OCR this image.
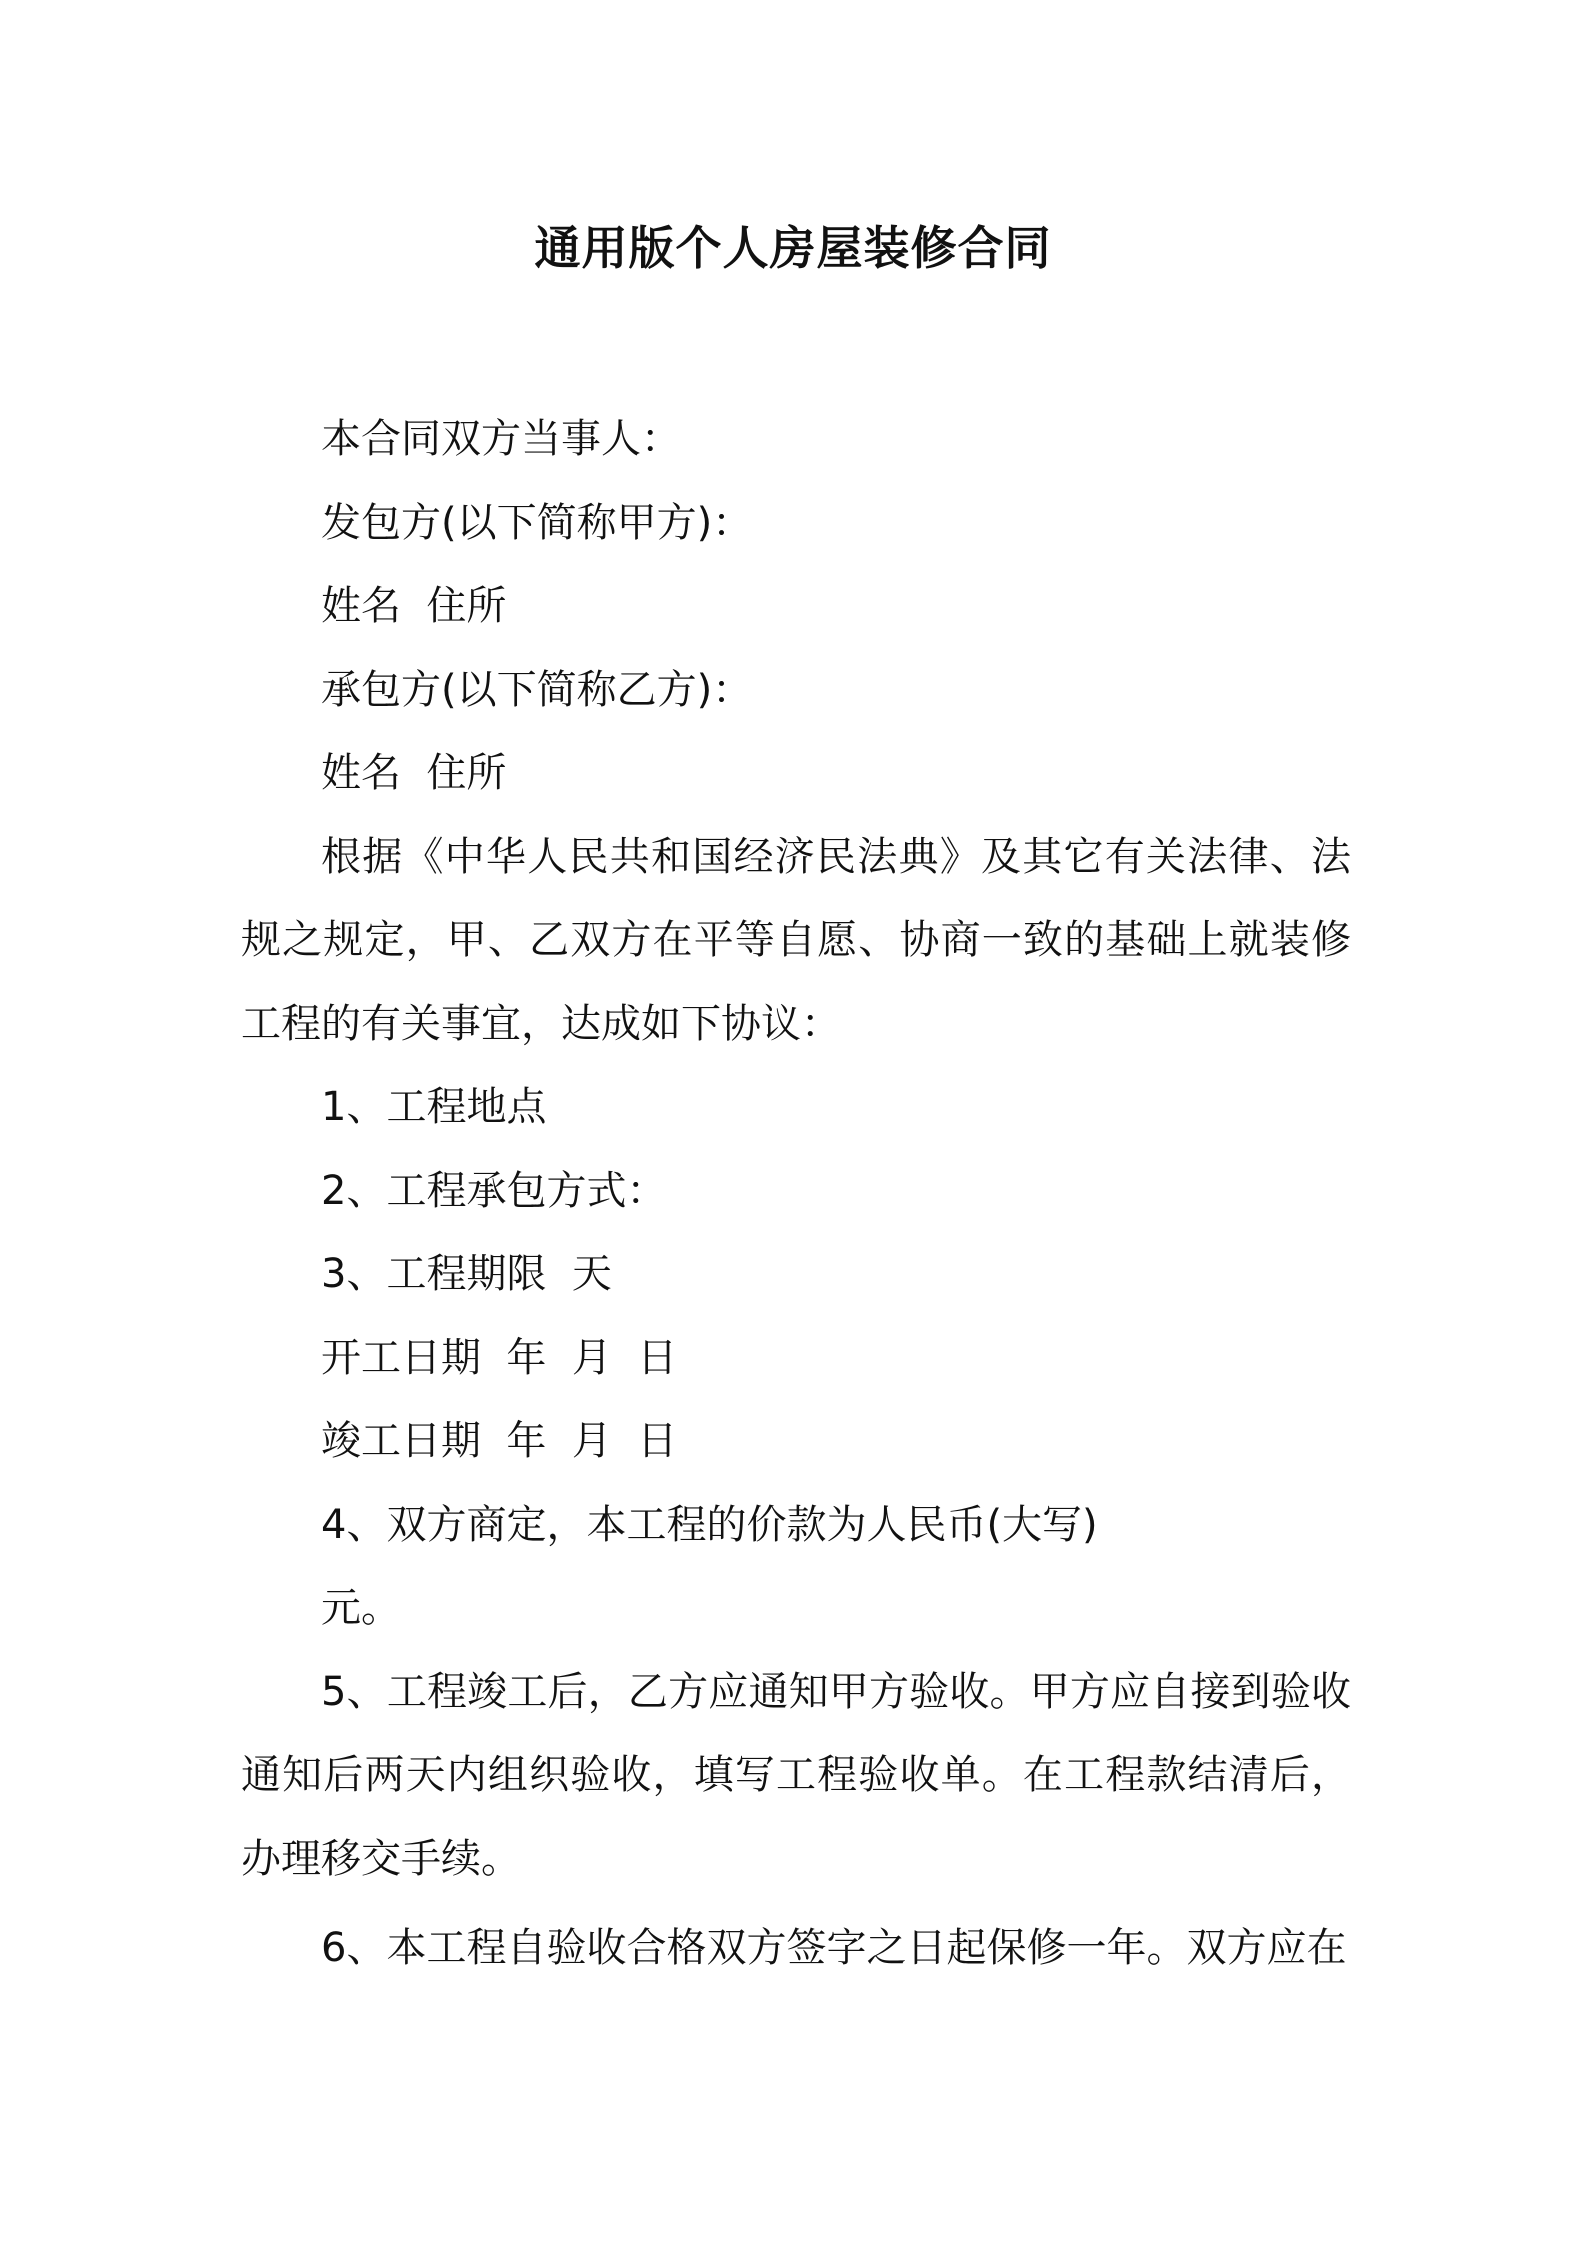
通用版个人房屋装修合同

本合同双方当事人：

发包方(以下简称甲方)：

姓名  住所

承包方(以下简称乙方)：

姓名  住所

根据《中华人民共和国经济民法典》及其它有关法律、法规之规定，甲、乙双方在平等自愿、协商一致的基础上就装修工程的有关事宜，达成如下协议：

1、工程地点

2、工程承包方式：

3、工程期限  天

开工日期  年  月  日

竣工日期  年  月  日

4、双方商定，本工程的价款为人民币(大写)

元。

5、工程竣工后，乙方应通知甲方验收。甲方应自接到验收通知后两天内组织验收，填写工程验收单。在工程款结清后，办理移交手续。

6、本工程自验收合格双方签字之日起保修一年。双方应在
